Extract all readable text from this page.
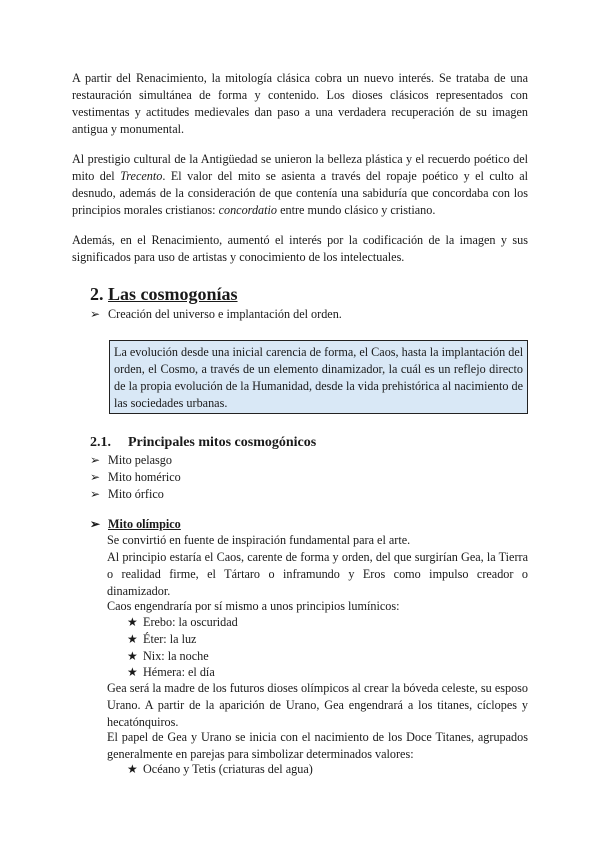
A partir del Renacimiento, la mitología clásica cobra un nuevo interés. Se trataba de una
restauración simultánea de forma y contenido. Los dioses clásicos representados con
vestimentas y actitudes medievales dan paso a una verdadera recuperación de su imagen
antigua y monumental.
Al prestigio cultural de la Antigüedad se unieron la belleza plástica y el recuerdo poético del
mito del Trecento. El valor del mito se asienta a través del ropaje poético y el culto al
desnudo, además de la consideración de que contenía una sabiduría que concordaba con los
principios morales cristianos: concordatio entre mundo clásico y cristiano.
Además, en el Renacimiento, aumentó el interés por la codificación de la imagen y sus
significados para uso de artistas y conocimiento de los intelectuales.
2. Las cosmogonías
➢ Creación del universo e implantación del orden.
La evolución desde una inicial carencia de forma, el Caos, hasta la implantación del
orden, el Cosmo, a través de un elemento dinamizador, la cuál es un reflejo directo
de la propia evolución de la Humanidad, desde la vida prehistórica al nacimiento de
las sociedades urbanas.
2.1. Principales mitos cosmogónicos
➢ Mito pelasgo
➢ Mito homérico
➢ Mito órfico
➢ Mito olímpico
Se convirtió en fuente de inspiración fundamental para el arte.
Al principio estaría el Caos, carente de forma y orden, del que surgirían Gea, la Tierra
o realidad firme, el Tártaro o inframundo y Eros como impulso creador o
dinamizador.
Caos engendraría por sí mismo a unos principios lumínicos:
★ Erebo: la oscuridad
★ Éter: la luz
★ Nix: la noche
★ Hémera: el día
Gea será la madre de los futuros dioses olímpicos al crear la bóveda celeste, su esposo
Urano. A partir de la aparición de Urano, Gea engendrará a los titanes, cíclopes y
hecatónquiros.
El papel de Gea y Urano se inicia con el nacimiento de los Doce Titanes, agrupados
generalmente en parejas para simbolizar determinados valores:
★ Océano y Tetis (criaturas del agua)
